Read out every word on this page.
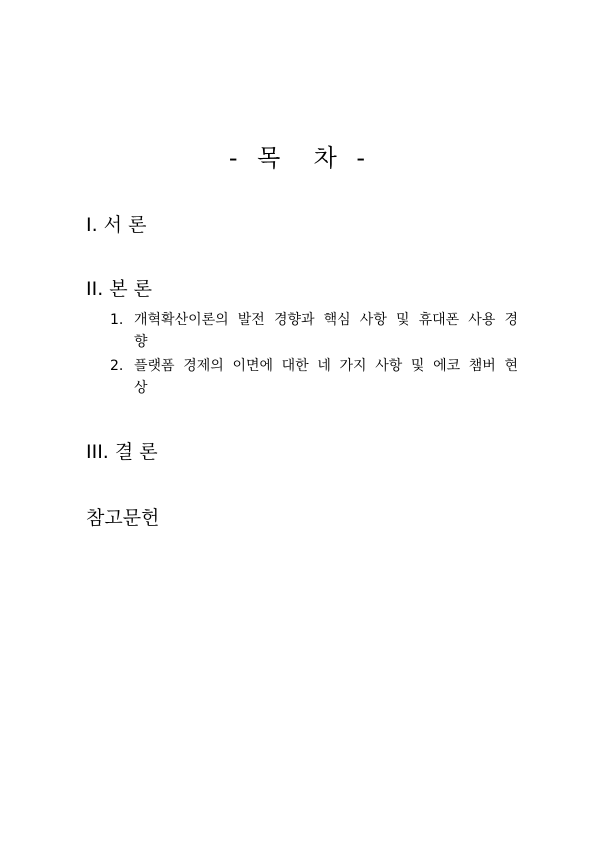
- 목  차 -
I. 서 론
II. 본 론
1. 개혁확산이론의 발전 경향과 핵심 사항 및 휴대폰 사용 경향
2. 플랫폼 경제의 이면에 대한 네 가지 사항 및 에코 챔버 현상
III. 결 론
참고문헌
